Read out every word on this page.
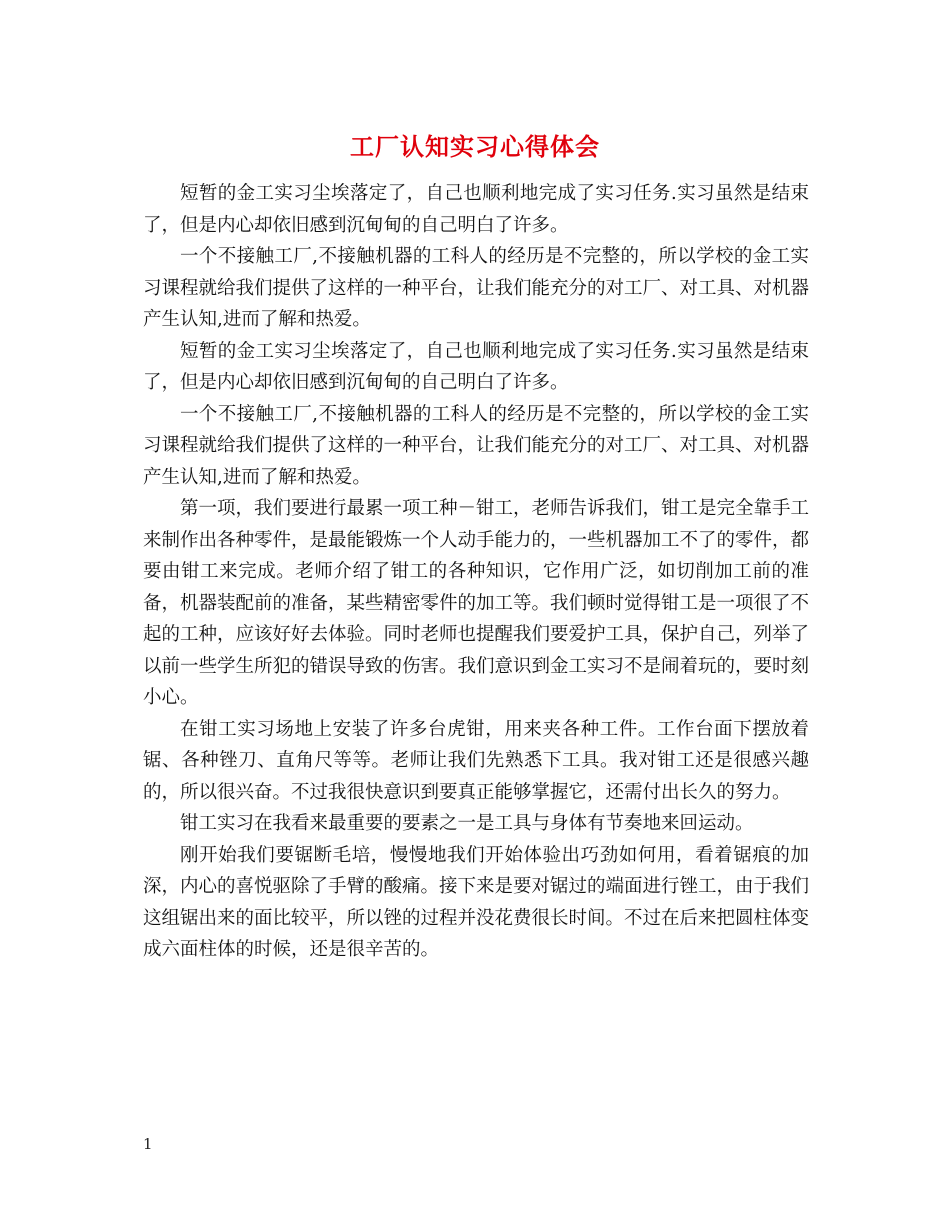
工厂认知实习心得体会

短暂的金工实习尘埃落定了，自己也顺利地完成了实习任务.实习虽然是结束了，但是内心却依旧感到沉甸甸的自己明白了许多。

一个不接触工厂,不接触机器的工科人的经历是不完整的，所以学校的金工实习课程就给我们提供了这样的一种平台，让我们能充分的对工厂、对工具、对机器产生认知,进而了解和热爱。

短暂的金工实习尘埃落定了，自己也顺利地完成了实习任务.实习虽然是结束了，但是内心却依旧感到沉甸甸的自己明白了许多。

一个不接触工厂,不接触机器的工科人的经历是不完整的，所以学校的金工实习课程就给我们提供了这样的一种平台，让我们能充分的对工厂、对工具、对机器产生认知,进而了解和热爱。

第一项，我们要进行最累一项工种－钳工，老师告诉我们，钳工是完全靠手工来制作出各种零件，是最能锻炼一个人动手能力的，一些机器加工不了的零件，都要由钳工来完成。老师介绍了钳工的各种知识，它作用广泛，如切削加工前的准备，机器装配前的准备，某些精密零件的加工等。我们顿时觉得钳工是一项很了不起的工种，应该好好去体验。同时老师也提醒我们要爱护工具，保护自己，列举了以前一些学生所犯的错误导致的伤害。我们意识到金工实习不是闹着玩的，要时刻小心。

在钳工实习场地上安装了许多台虎钳，用来夹各种工件。工作台面下摆放着锯、各种锉刀、直角尺等等。老师让我们先熟悉下工具。我对钳工还是很感兴趣的，所以很兴奋。不过我很快意识到要真正能够掌握它，还需付出长久的努力。

钳工实习在我看来最重要的要素之一是工具与身体有节奏地来回运动。

刚开始我们要锯断毛培，慢慢地我们开始体验出巧劲如何用，看着锯痕的加深，内心的喜悦驱除了手臂的酸痛。接下来是要对锯过的端面进行锉工，由于我们这组锯出来的面比较平，所以锉的过程并没花费很长时间。不过在后来把圆柱体变成六面柱体的时候，还是很辛苦的。

1
